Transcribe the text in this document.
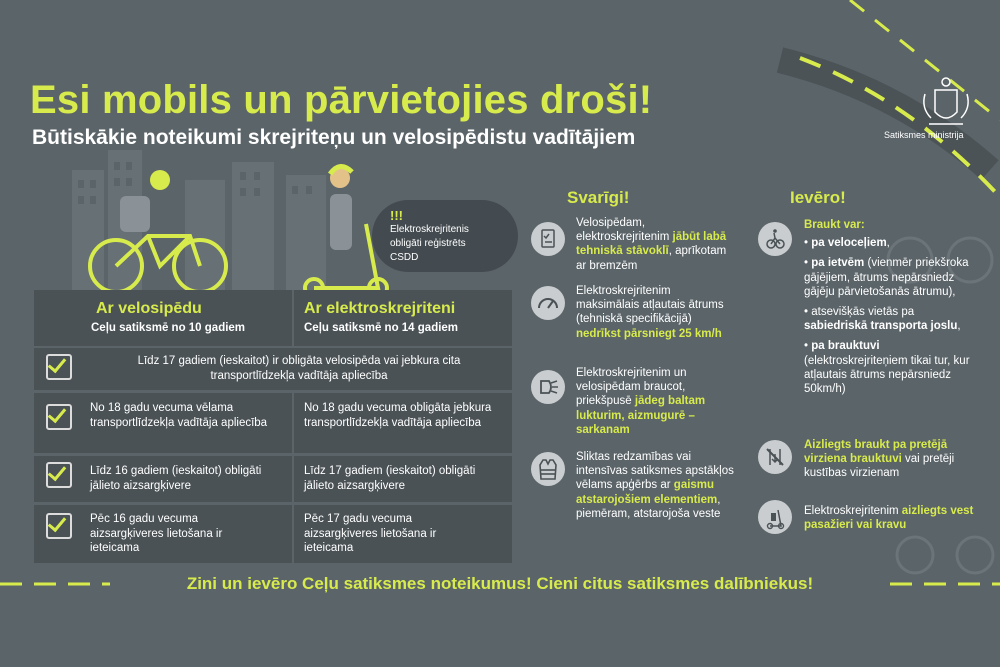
Esi mobils un pārvietojies droši!
Būtiskākie noteikumi skrejriteņu un velosipēdistu vadītājiem	Satiksmes ministrija
!!!
Elektroskrejritenis
obligāti reģistrēts
CSDD
Ar velosipēdu
Ceļu satiksmē no 10 gadiem
Ar elektroskrejriteni
Ceļu satiksmē no 14 gadiem
Līdz 17 gadiem (ieskaitot) ir obligāta velosipēda vai jebkura cita transportlīdzekļa vadītāja apliecība
No 18 gadu vecuma vēlama transportlīdzekļa vadītāja apliecība
No 18 gadu vecuma obligāta jebkura transportlīdzekļa vadītāja apliecība
Līdz 16 gadiem (ieskaitot) obligāti jālieto aizsargķivere
Līdz 17 gadiem (ieskaitot) obligāti jālieto aizsargķivere
Pēc 16 gadu vecuma aizsargķiveres lietošana ir ieteicama
Pēc 17 gadu vecuma aizsargķiveres lietošana ir ieteicama
Svarīgi!
Velosipēdam, elektroskrejritenim jābūt labā tehniskā stāvoklī, aprīkotam ar bremzēm
Elektroskrejritenim maksimālais atļautais ātrums (tehniskā specifikācijā) nedrīkst pārsniegt 25 km/h
Elektroskrejritenim un velosipēdam braucot, priekšpusē jādeg baltam lukturim, aizmugurē – sarkanam
Sliktas redzamības vai intensīvas satiksmes apstākļos vēlams apģērbs ar gaismu atstarojošiem elementiem, piemēram, atstarojoša veste
Ievēro!
Braukt var:
• pa veloceļiem,
• pa ietvēm (vienmēr priekšroka gājējiem, ātrums nepārsniedz gājēju pārvietošanās ātrumu),
• atsevišķās vietās pa sabiedriskā transporta joslu,
• pa brauktuvi (elektroskrejriteņiem tikai tur, kur atļautais ātrums nepārsniedz 50km/h)
Aizliegts braukt pa pretējā virziena brauktuvi vai pretēji kustības virzienam
Elektroskrejritenim aizliegts vest pasažieri vai kravu
Zini un ievēro Ceļu satiksmes noteikumus! Cieni citus satiksmes dalībniekus!
